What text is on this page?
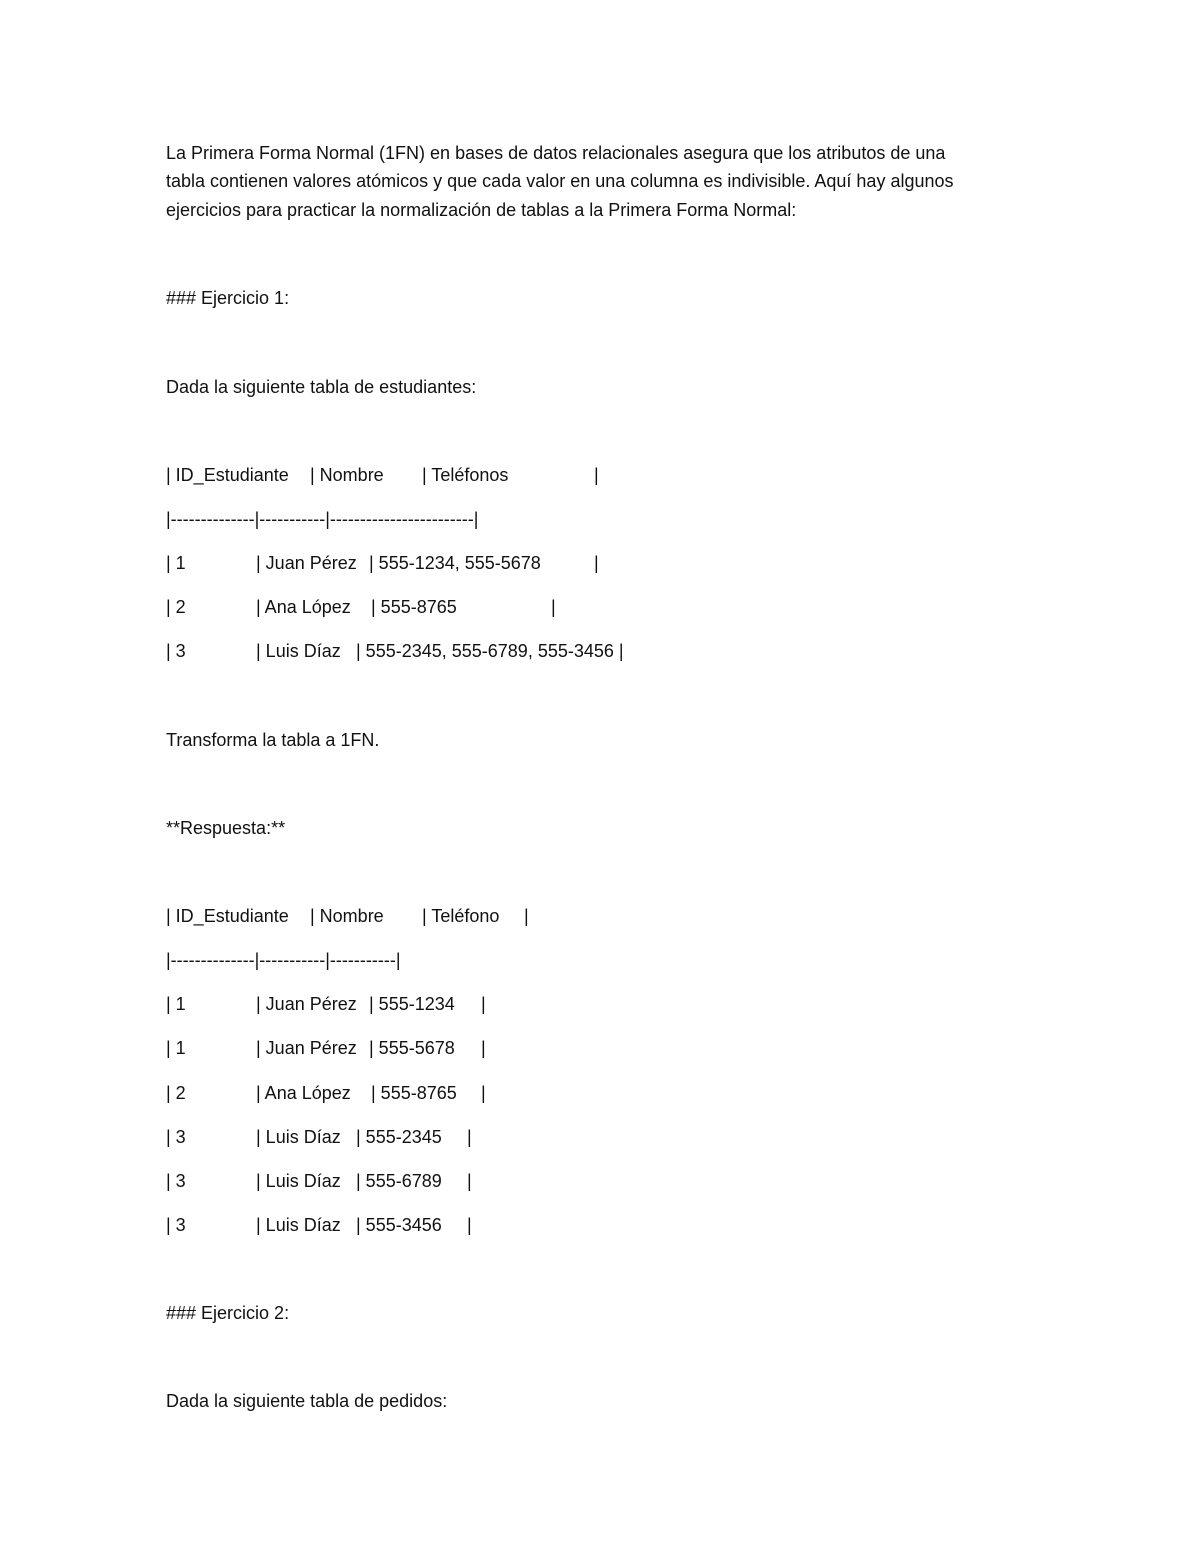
La Primera Forma Normal (1FN) en bases de datos relacionales asegura que los atributos de una
tabla contienen valores atómicos y que cada valor en una columna es indivisible. Aquí hay algunos
ejercicios para practicar la normalización de tablas a la Primera Forma Normal:
### Ejercicio 1:
Dada la siguiente tabla de estudiantes:
| ID_Estudiante | Nombre | Teléfonos	|
|--------------|-----------|------------------------|
| 1	| Juan Pérez | 555-1234, 555-5678	|
| 2	| Ana López | 555-8765	|
| 3	| Luis Díaz | 555-2345, 555-6789, 555-3456 |
Transforma la tabla a 1FN.
**Respuesta:**
| ID_Estudiante | Nombre | Teléfono |
|--------------|-----------|-----------|
| 1	| Juan Pérez | 555-1234 |
| 1	| Juan Pérez | 555-5678 |
| 2	| Ana López | 555-8765 |
| 3	| Luis Díaz | 555-2345 |
| 3	| Luis Díaz | 555-6789 |
| 3	| Luis Díaz | 555-3456 |
### Ejercicio 2:
Dada la siguiente tabla de pedidos:
